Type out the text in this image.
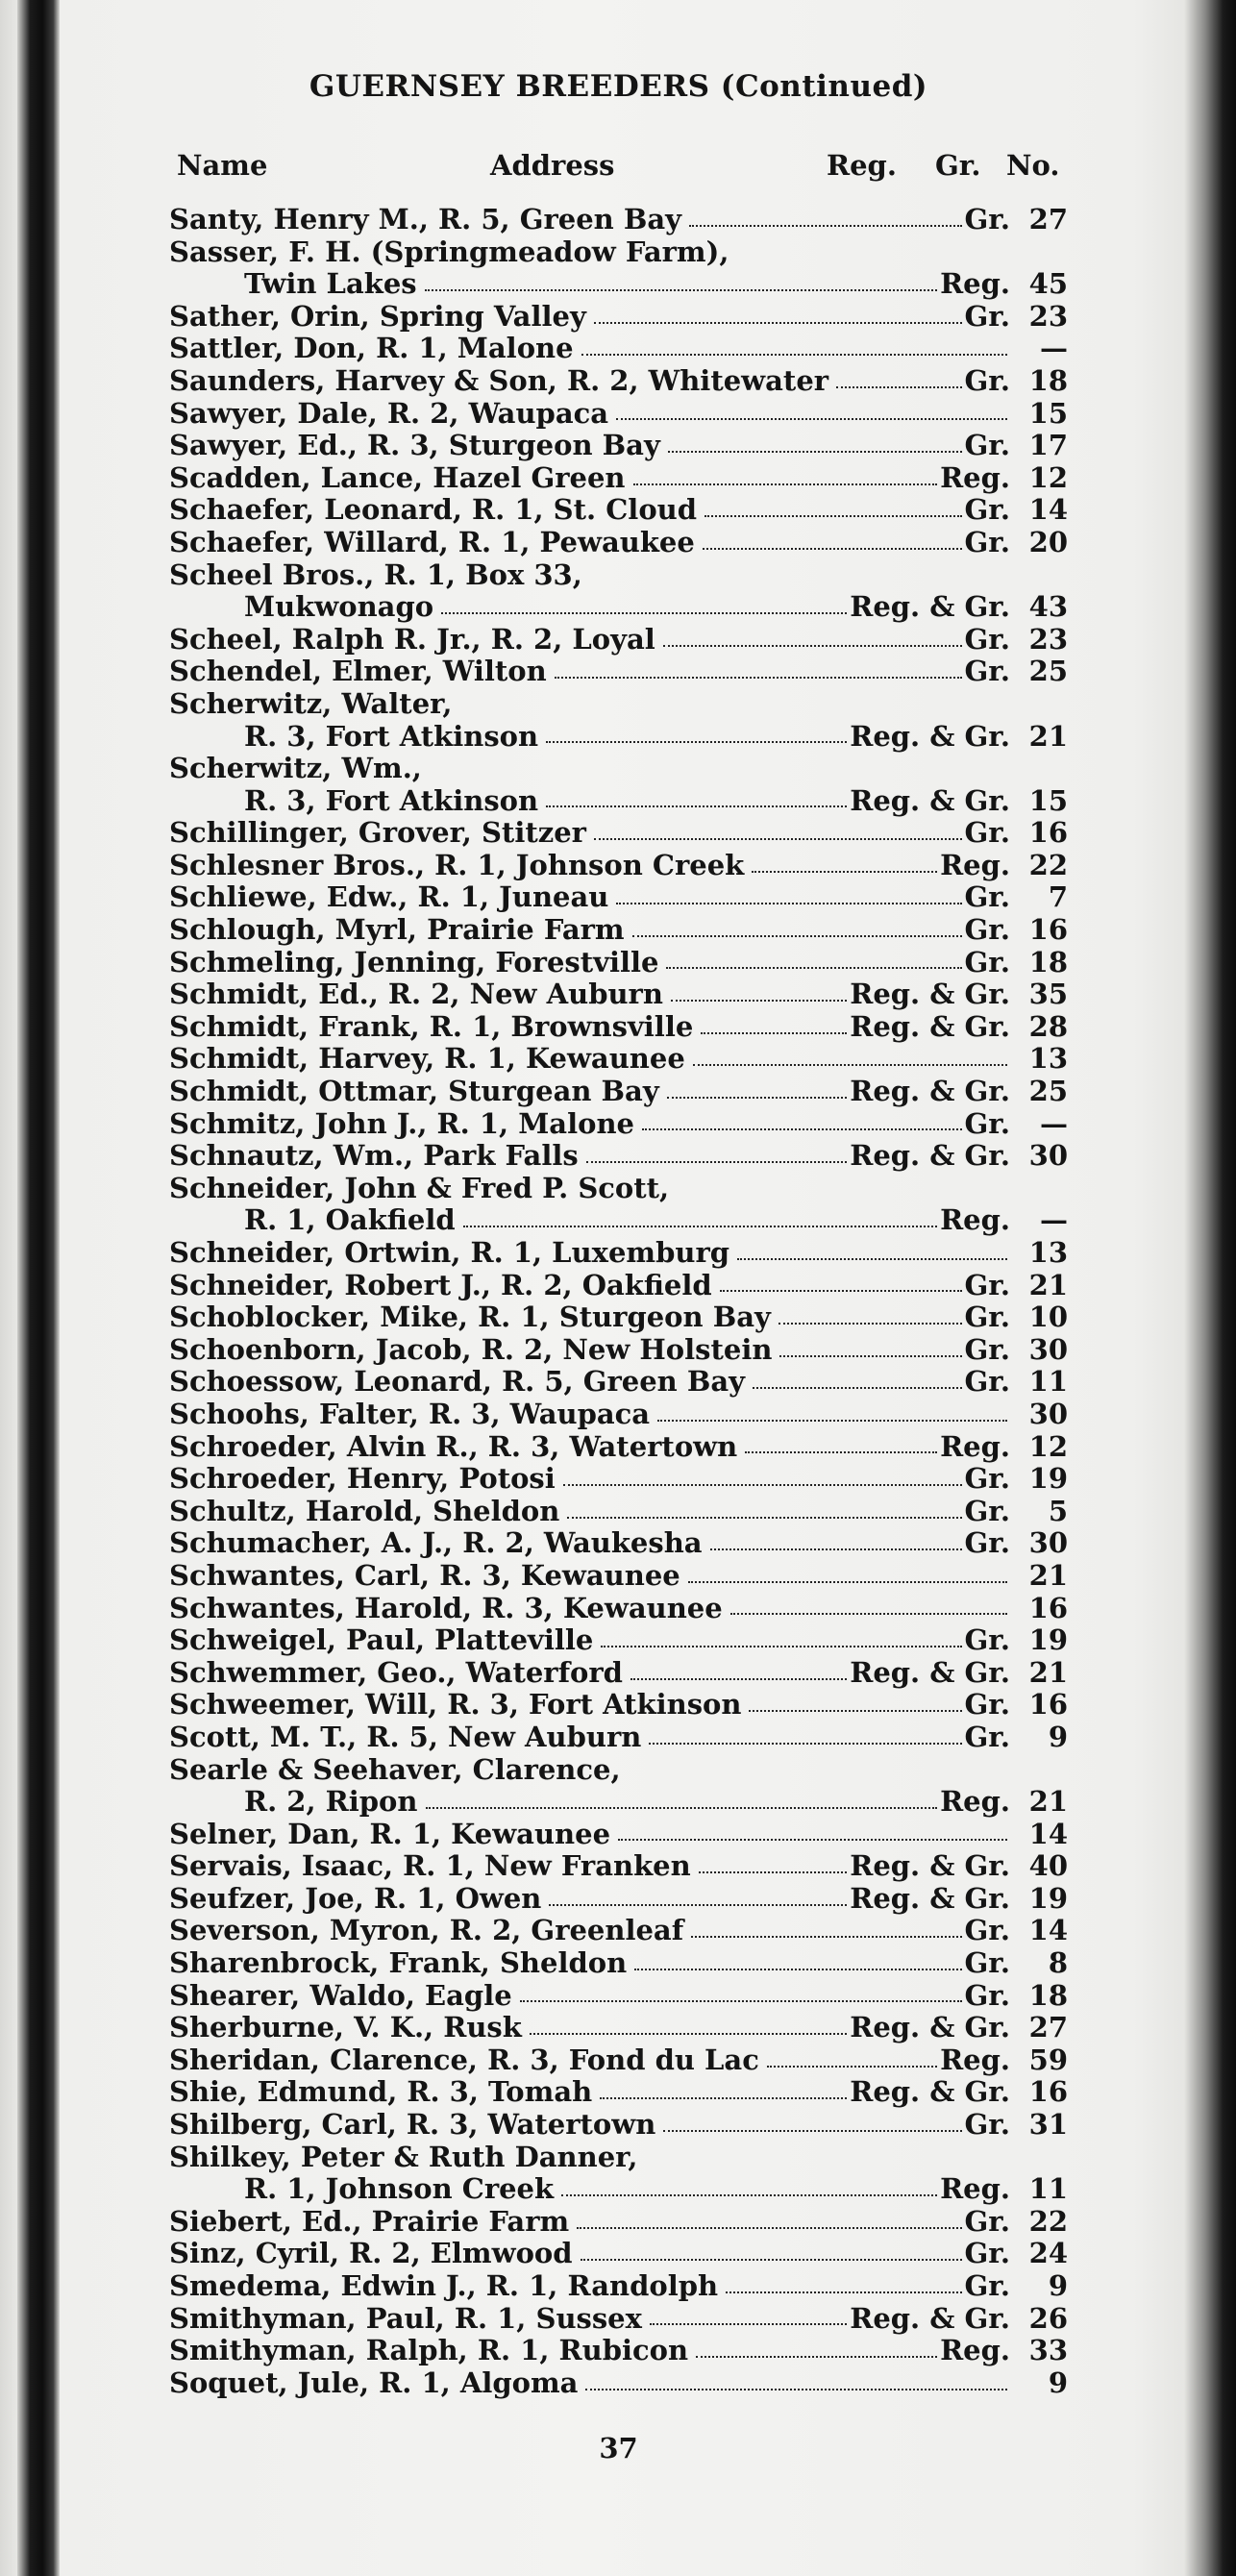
GUERNSEY BREEDERS (Continued)
Name	Address	Reg. Gr. No.
Santy, Henry M., R. 5, Green Bay	Gr. 27
Sasser, F. H. (Springmeadow Farm),
Twin Lakes	Reg. 45
Sather, Orin, Spring Valley	Gr. 23
Sattler, Don, R. 1, Malone	—
Saunders, Harvey & Son, R. 2, Whitewater	Gr. 18
Sawyer, Dale, R. 2, Waupaca	15
Sawyer, Ed., R. 3, Sturgeon Bay	Gr. 17
Scadden, Lance, Hazel Green	Reg. 12
Schaefer, Leonard, R. 1, St. Cloud	Gr. 14
Schaefer, Willard, R. 1, Pewaukee	Gr. 20
Scheel Bros., R. 1, Box 33,
Mukwonago	Reg. & Gr. 43
Scheel, Ralph R. Jr., R. 2, Loyal	Gr. 23
Schendel, Elmer, Wilton	Gr. 25
Scherwitz, Walter,
R. 3, Fort Atkinson	Reg. & Gr. 21
Scherwitz, Wm.,
R. 3, Fort Atkinson	Reg. & Gr. 15
Schillinger, Grover, Stitzer	Gr. 16
Schlesner Bros., R. 1, Johnson Creek	Reg. 22
Schliewe, Edw., R. 1, Juneau	Gr.	7
Schlough, Myrl, Prairie Farm	Gr. 16
Schmeling, Jenning, Forestville	Gr. 18
Schmidt, Ed., R. 2, New Auburn	Reg. & Gr. 35
Schmidt, Frank, R. 1, Brownsville	Reg. & Gr. 28
Schmidt, Harvey, R. 1, Kewaunee	13
Schmidt, Ottmar, Sturgean Bay	Reg. & Gr. 25
Schmitz, John J., R. 1, Malone	Gr.	—
Schnautz, Wm., Park Falls	Reg. & Gr. 30
Schneider, John & Fred P. Scott,
R. 1, Oakfield	Reg.	—
Schneider, Ortwin, R. 1, Luxemburg	13
Schneider, Robert J., R. 2, Oakfield	Gr. 21
Schoblocker, Mike, R. 1, Sturgeon Bay	Gr. 10
Schoenborn, Jacob, R. 2, New Holstein	Gr. 30
Schoessow, Leonard, R. 5, Green Bay	Gr. 11
Schoohs, Falter, R. 3, Waupaca	30
Schroeder, Alvin R., R. 3, Watertown	Reg. 12
Schroeder, Henry, Potosi	Gr. 19
Schultz, Harold, Sheldon	Gr.	5
Schumacher, A. J., R. 2, Waukesha	Gr. 30
Schwantes, Carl, R. 3, Kewaunee	21
Schwantes, Harold, R. 3, Kewaunee	16
Schweigel, Paul, Platteville	Gr. 19
Schwemmer, Geo., Waterford	Reg. & Gr. 21
Schweemer, Will, R. 3, Fort Atkinson	Gr. 16
Scott, M. T., R. 5, New Auburn	Gr.	9
Searle & Seehaver, Clarence,
R. 2, Ripon	Reg. 21
Selner, Dan, R. 1, Kewaunee	14
Servais, Isaac, R. 1, New Franken	Reg. & Gr. 40
Seufzer, Joe, R. 1, Owen	Reg. & Gr. 19
Severson, Myron, R. 2, Greenleaf	Gr. 14
Sharenbrock, Frank, Sheldon	Gr.	8
Shearer, Waldo, Eagle	Gr. 18
Sherburne, V. K., Rusk	Reg. & Gr. 27
Sheridan, Clarence, R. 3, Fond du Lac	Reg. 59
Shie, Edmund, R. 3, Tomah	Reg. & Gr. 16
Shilberg, Carl, R. 3, Watertown	Gr. 31
Shilkey, Peter & Ruth Danner,
R. 1, Johnson Creek	Reg. 11
Siebert, Ed., Prairie Farm	Gr. 22
Sinz, Cyril, R. 2, Elmwood	Gr. 24
Smedema, Edwin J., R. 1, Randolph	Gr.	9
Smithyman, Paul, R. 1, Sussex	Reg. & Gr. 26
Smithyman, Ralph, R. 1, Rubicon	Reg. 33
Soquet, Jule, R. 1, Algoma	9
37
